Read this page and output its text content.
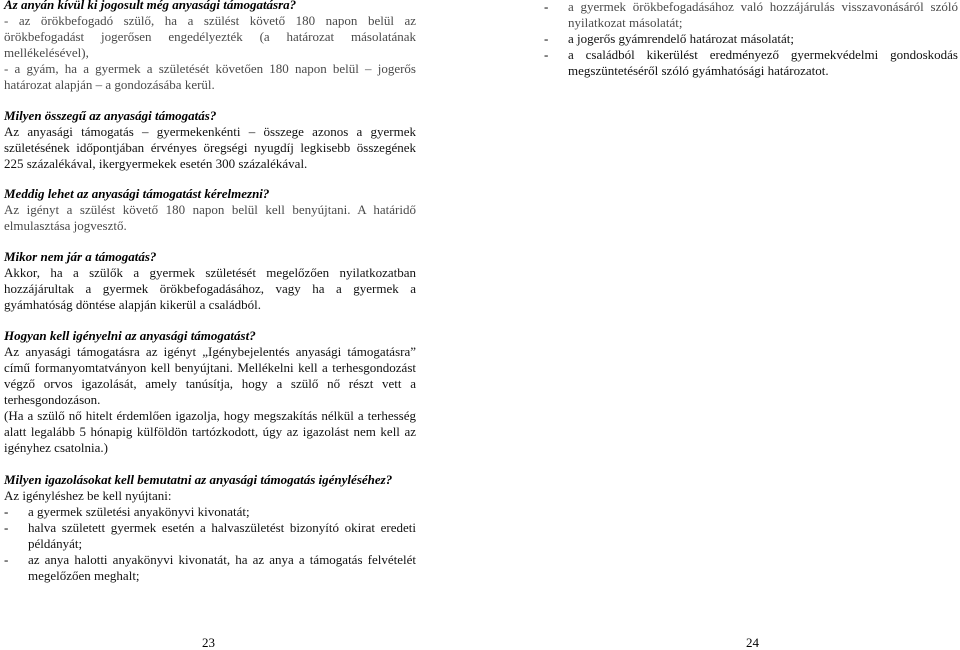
Az anyán kívül ki jogosult még anyasági támogatásra?
- az örökbefogadó szülő, ha a szülést követő 180 napon belül az örökbefogadást jogerősen engedélyezték (a határozat másolatának mellékelésével),
- a gyám, ha a gyermek a születését követően 180 napon belül – jogerős határozat alapján – a gondozásába kerül.
Milyen összegű az anyasági támogatás?
Az anyasági támogatás – gyermekenkénti – összege azonos a gyermek születésének időpontjában érvényes öregségi nyugdíj legkisebb összegének 225 százalékával, ikergyermekek esetén 300 százalékával.
Meddig lehet az anyasági támogatást kérelmezni?
Az igényt a szülést követő 180 napon belül kell benyújtani. A határidő elmulasztása jogvesztő.
Mikor nem jár a támogatás?
Akkor, ha a szülők a gyermek születését megelőzően nyilatkozatban hozzájárultak a gyermek örökbefogadásához, vagy ha a gyermek a gyámhatóság döntése alapján kikerül a családból.
Hogyan kell igényelni az anyasági támogatást?
Az anyasági támogatásra az igényt „Igénybejelentés anyasági támogatásra” című formanyomtatványon kell benyújtani. Mellékelni kell a terhesgondozást végző orvos igazolását, amely tanúsítja, hogy a szülő nő részt vett a terhesgondozáson.
(Ha a szülő nő hitelt érdemlően igazolja, hogy megszakítás nélkül a terhesség alatt legalább 5 hónapig külföldön tartózkodott, úgy az igazolást nem kell az igényhez csatolnia.)
Milyen igazolásokat kell bemutatni az anyasági támogatás igényléséhez?
Az igényléshez be kell nyújtani:
-	a gyermek születési anyakönyvi kivonatát;
-	halva született gyermek esetén a halvaszületést bizonyító okirat eredeti példányát;
-	az anya halotti anyakönyvi kivonatát, ha az anya a támogatás felvételét megelőzően meghalt;
-	a gyermek örökbefogadásához való hozzájárulás visszavonásáról szóló nyilatkozat másolatát;
-	a jogerős gyámrendelő határozat másolatát;
-	a családból kikerülést eredményező gyermekvédelmi gondoskodás megszüntetéséről szóló gyámhatósági határozatot.
23	24
